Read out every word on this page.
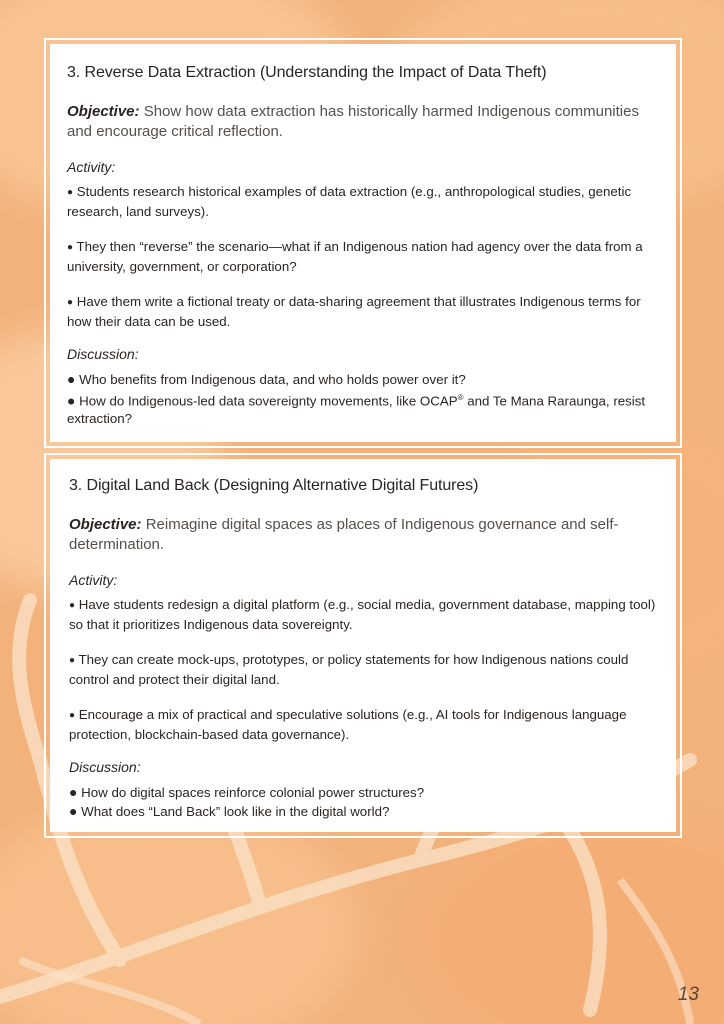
3. Reverse Data Extraction (Understanding the Impact of Data Theft)

Objective: Show how data extraction has historically harmed Indigenous communities and encourage critical reflection.

Activity:

● Students research historical examples of data extraction (e.g., anthropological studies, genetic research, land surveys).

● They then “reverse” the scenario—what if an Indigenous nation had agency over the data from a university, government, or corporation?

● Have them write a fictional treaty or data-sharing agreement that illustrates Indigenous terms for how their data can be used.

Discussion:

● Who benefits from Indigenous data, and who holds power over it?

● How do Indigenous-led data sovereignty movements, like OCAP® and Te Mana Raraunga, resist extraction?

3. Digital Land Back (Designing Alternative Digital Futures)

Objective: Reimagine digital spaces as places of Indigenous governance and self-determination.

Activity:

● Have students redesign a digital platform (e.g., social media, government database, mapping tool) so that it prioritizes Indigenous data sovereignty.

● They can create mock-ups, prototypes, or policy statements for how Indigenous nations could control and protect their digital land.

● Encourage a mix of practical and speculative solutions (e.g., AI tools for Indigenous language protection, blockchain-based data governance).

Discussion:

● How do digital spaces reinforce colonial power structures?

● What does “Land Back” look like in the digital world?

13
